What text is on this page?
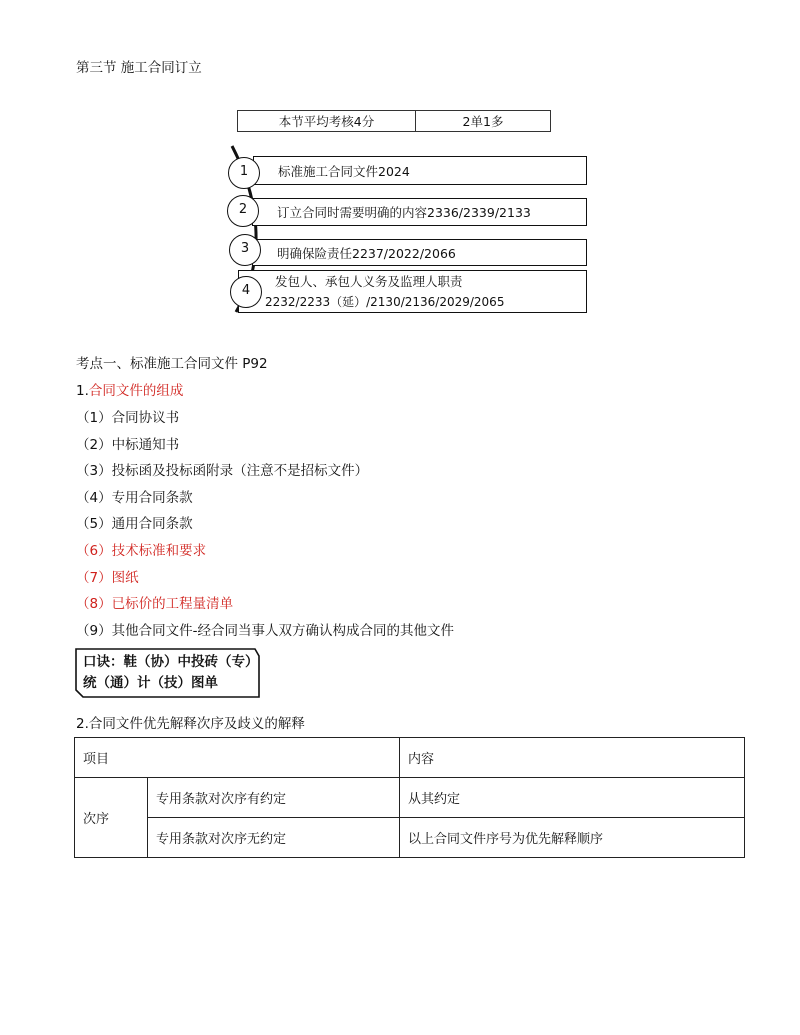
第三节 施工合同订立
本节平均考核4分	2单1多
标准施工合同文件2024
1
订立合同时需要明确的内容2336/2339/2133
2
明确保险责任2237/2022/2066
3
发包人、承包人义务及监理人职责
2232/2233（延）/2130/2136/2029/2065
4
考点一、标准施工合同文件 P92
1.合同文件的组成
（1）合同协议书
（2）中标通知书
（3）投标函及投标函附录（注意不是招标文件）
（4）专用合同条款
（5）通用合同条款
（6）技术标准和要求
（7）图纸
（8）已标价的工程量清单
（9）其他合同文件-经合同当事人双方确认构成合同的其他文件
口诀：鞋（协）中投砖（专）
统（通）计（技）图单
2.合同文件优先解释次序及歧义的解释
项目		内容
次序	专用条款对次序有约定	从其约定
	专用条款对次序无约定	以上合同文件序号为优先解释顺序
